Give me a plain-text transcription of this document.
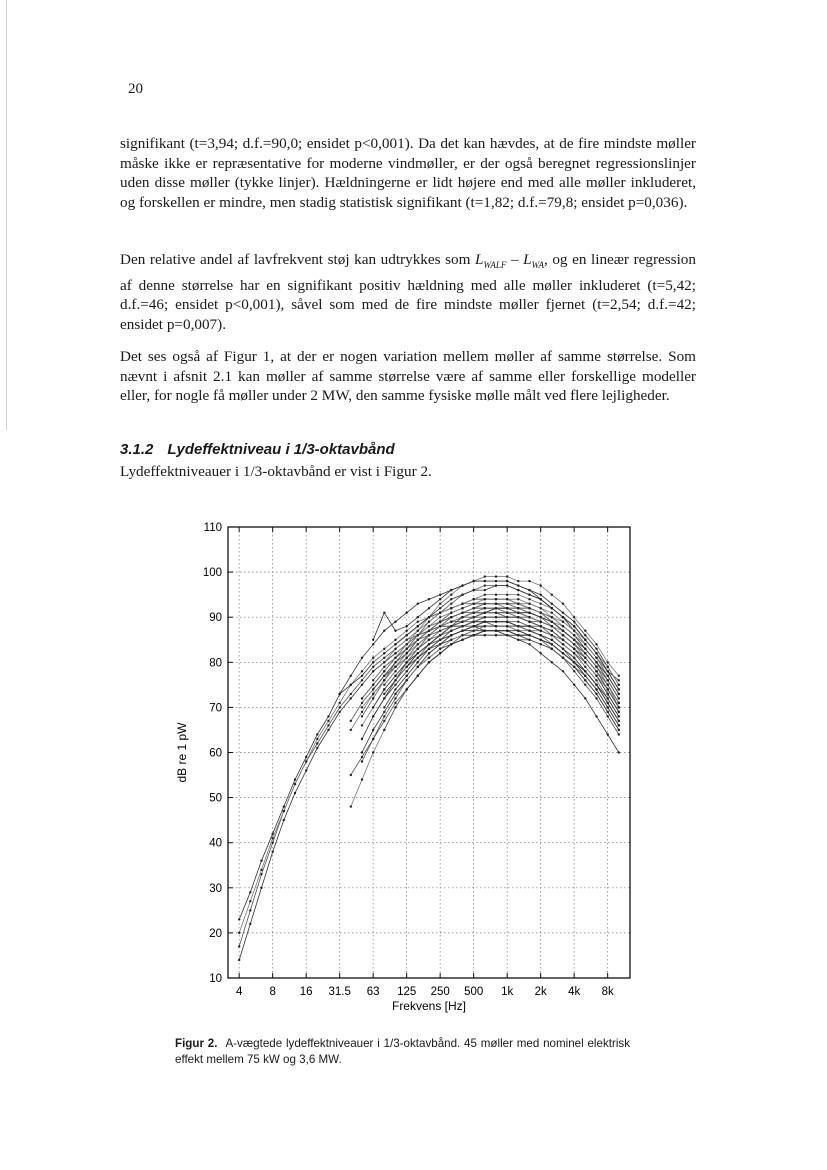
20

signifikant (t=3,94; d.f.=90,0; ensidet p<0,001). Da det kan hævdes, at de fire mindste møller måske ikke er repræsentative for moderne vindmøller, er der også beregnet regressionslinjer uden disse møller (tykke linjer). Hældningerne er lidt højere end med alle møller inkluderet, og forskellen er mindre, men stadig statistisk signifikant (t=1,82; d.f.=79,8; ensidet p=0,036).

Den relative andel af lavfrekvent støj kan udtrykkes som $L_{WALF} - L_{WA}$, og en lineær regression af denne størrelse har en signifikant positiv hældning med alle møller inkluderet (t=5,42; d.f.=46; ensidet p<0,001), såvel som med de fire mindste møller fjernet (t=2,54; d.f.=42; ensidet p=0,007).

Det ses også af Figur 1, at der er nogen variation mellem møller af samme størrelse. Som nævnt i afsnit 2.1 kan møller af samme størrelse være af samme eller forskellige modeller eller, for nogle få møller under 2 MW, den samme fysiske mølle målt ved flere lejligheder.

3.1.2 Lydeffektniveau i 1/3-oktavbånd
Lydeffektniveauer i 1/3-oktavbånd er vist i Figur 2.
10
20
30
40
50
60
70
80
90
100
110
4 8 16 31.5 63 125 250 500 1k 2k 4k 8k
Frekvens [Hz]
dB re 1 pW

Figur 2. A-vægtede lydeffektniveauer i 1/3-oktavbånd. 45 møller med nominel elektrisk effekt mellem 75 kW og 3,6 MW.
